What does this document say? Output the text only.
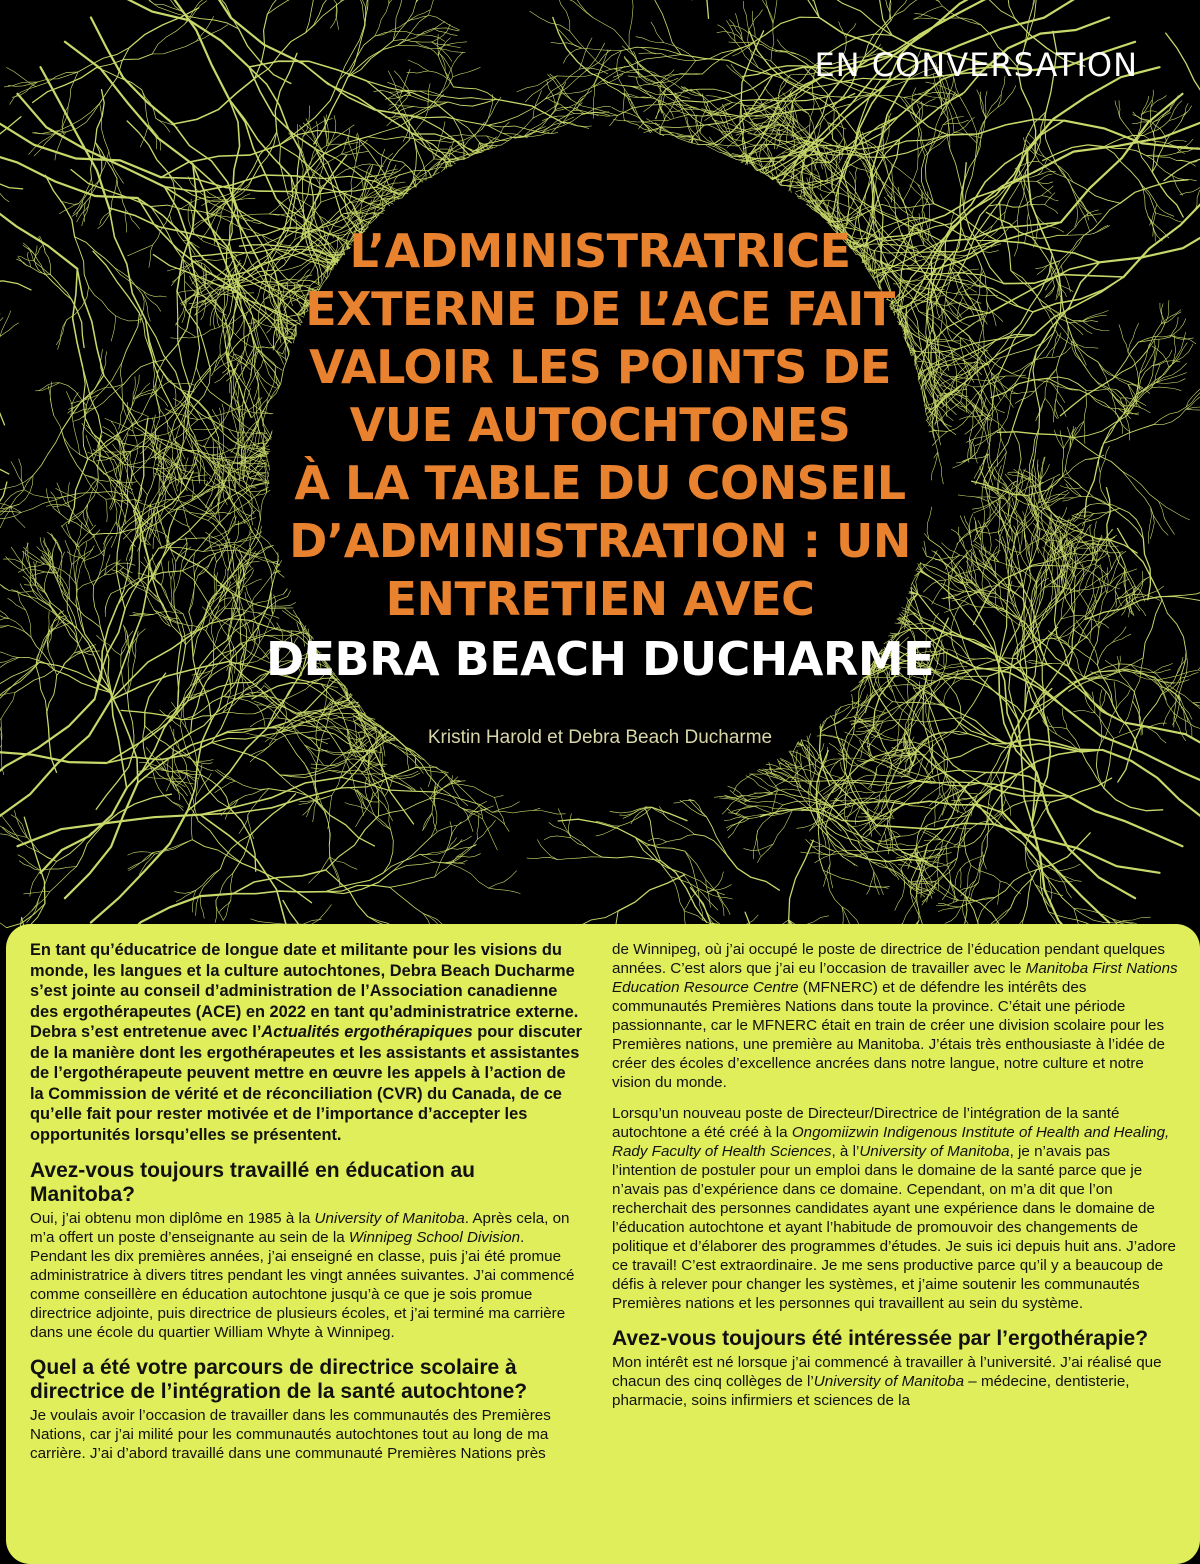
EN CONVERSATION
L’ADMINISTRATRICE
EXTERNE DE L’ACE FAIT
VALOIR LES POINTS DE
VUE AUTOCHTONES
À LA TABLE DU CONSEIL
D’ADMINISTRATION : UN
ENTRETIEN AVEC
DEBRA BEACH DUCHARME
Kristin Harold et Debra Beach Ducharme

En tant qu’éducatrice de longue date et militante pour les visions du monde, les langues et la culture autochtones, Debra Beach Ducharme s’est jointe au conseil d’administration de l’Association canadienne des ergothérapeutes (ACE) en 2022 en tant qu’administratrice externe. Debra s’est entretenue avec l’Actualités ergothérapiques pour discuter de la manière dont les ergothérapeutes et les assistants et assistantes de l’ergothérapeute peuvent mettre en œuvre les appels à l’action de la Commission de vérité et de réconciliation (CVR) du Canada, de ce qu’elle fait pour rester motivée et de l’importance d’accepter les opportunités lorsqu’elles se présentent.

Avez-vous toujours travaillé en éducation au Manitoba?

Oui, j’ai obtenu mon diplôme en 1985 à la University of Manitoba. Après cela, on m’a offert un poste d’enseignante au sein de la Winnipeg School Division. Pendant les dix premières années, j’ai enseigné en classe, puis j’ai été promue administratrice à divers titres pendant les vingt années suivantes. J’ai commencé comme conseillère en éducation autochtone jusqu’à ce que je sois promue directrice adjointe, puis directrice de plusieurs écoles, et j’ai terminé ma carrière dans une école du quartier William Whyte à Winnipeg.

Quel a été votre parcours de directrice scolaire à directrice de l’intégration de la santé autochtone?

Je voulais avoir l’occasion de travailler dans les communautés des Premières Nations, car j’ai milité pour les communautés autochtones tout au long de ma carrière. J’ai d’abord travaillé dans une communauté Premières Nations près

de Winnipeg, où j’ai occupé le poste de directrice de l’éducation pendant quelques années. C’est alors que j’ai eu l’occasion de travailler avec le Manitoba First Nations Education Resource Centre (MFNERC) et de défendre les intérêts des communautés Premières Nations dans toute la province. C’était une période passionnante, car le MFNERC était en train de créer une division scolaire pour les Premières nations, une première au Manitoba. J’étais très enthousiaste à l’idée de créer des écoles d’excellence ancrées dans notre langue, notre culture et notre vision du monde.

Lorsqu’un nouveau poste de Directeur/Directrice de l’intégration de la santé autochtone a été créé à la Ongomiizwin Indigenous Institute of Health and Healing, Rady Faculty of Health Sciences, à l’University of Manitoba, je n’avais pas l’intention de postuler pour un emploi dans le domaine de la santé parce que je n’avais pas d’expérience dans ce domaine. Cependant, on m’a dit que l’on recherchait des personnes candidates ayant une expérience dans le domaine de l’éducation autochtone et ayant l’habitude de promouvoir des changements de politique et d’élaborer des programmes d’études. Je suis ici depuis huit ans. J’adore ce travail! C’est extraordinaire. Je me sens productive parce qu’il y a beaucoup de défis à relever pour changer les systèmes, et j’aime soutenir les communautés Premières nations et les personnes qui travaillent au sein du système.

Avez-vous toujours été intéressée par l’ergothérapie?

Mon intérêt est né lorsque j’ai commencé à travailler à l’université. J’ai réalisé que chacun des cinq collèges de l’University of Manitoba – médecine, dentisterie, pharmacie, soins infirmiers et sciences de la
